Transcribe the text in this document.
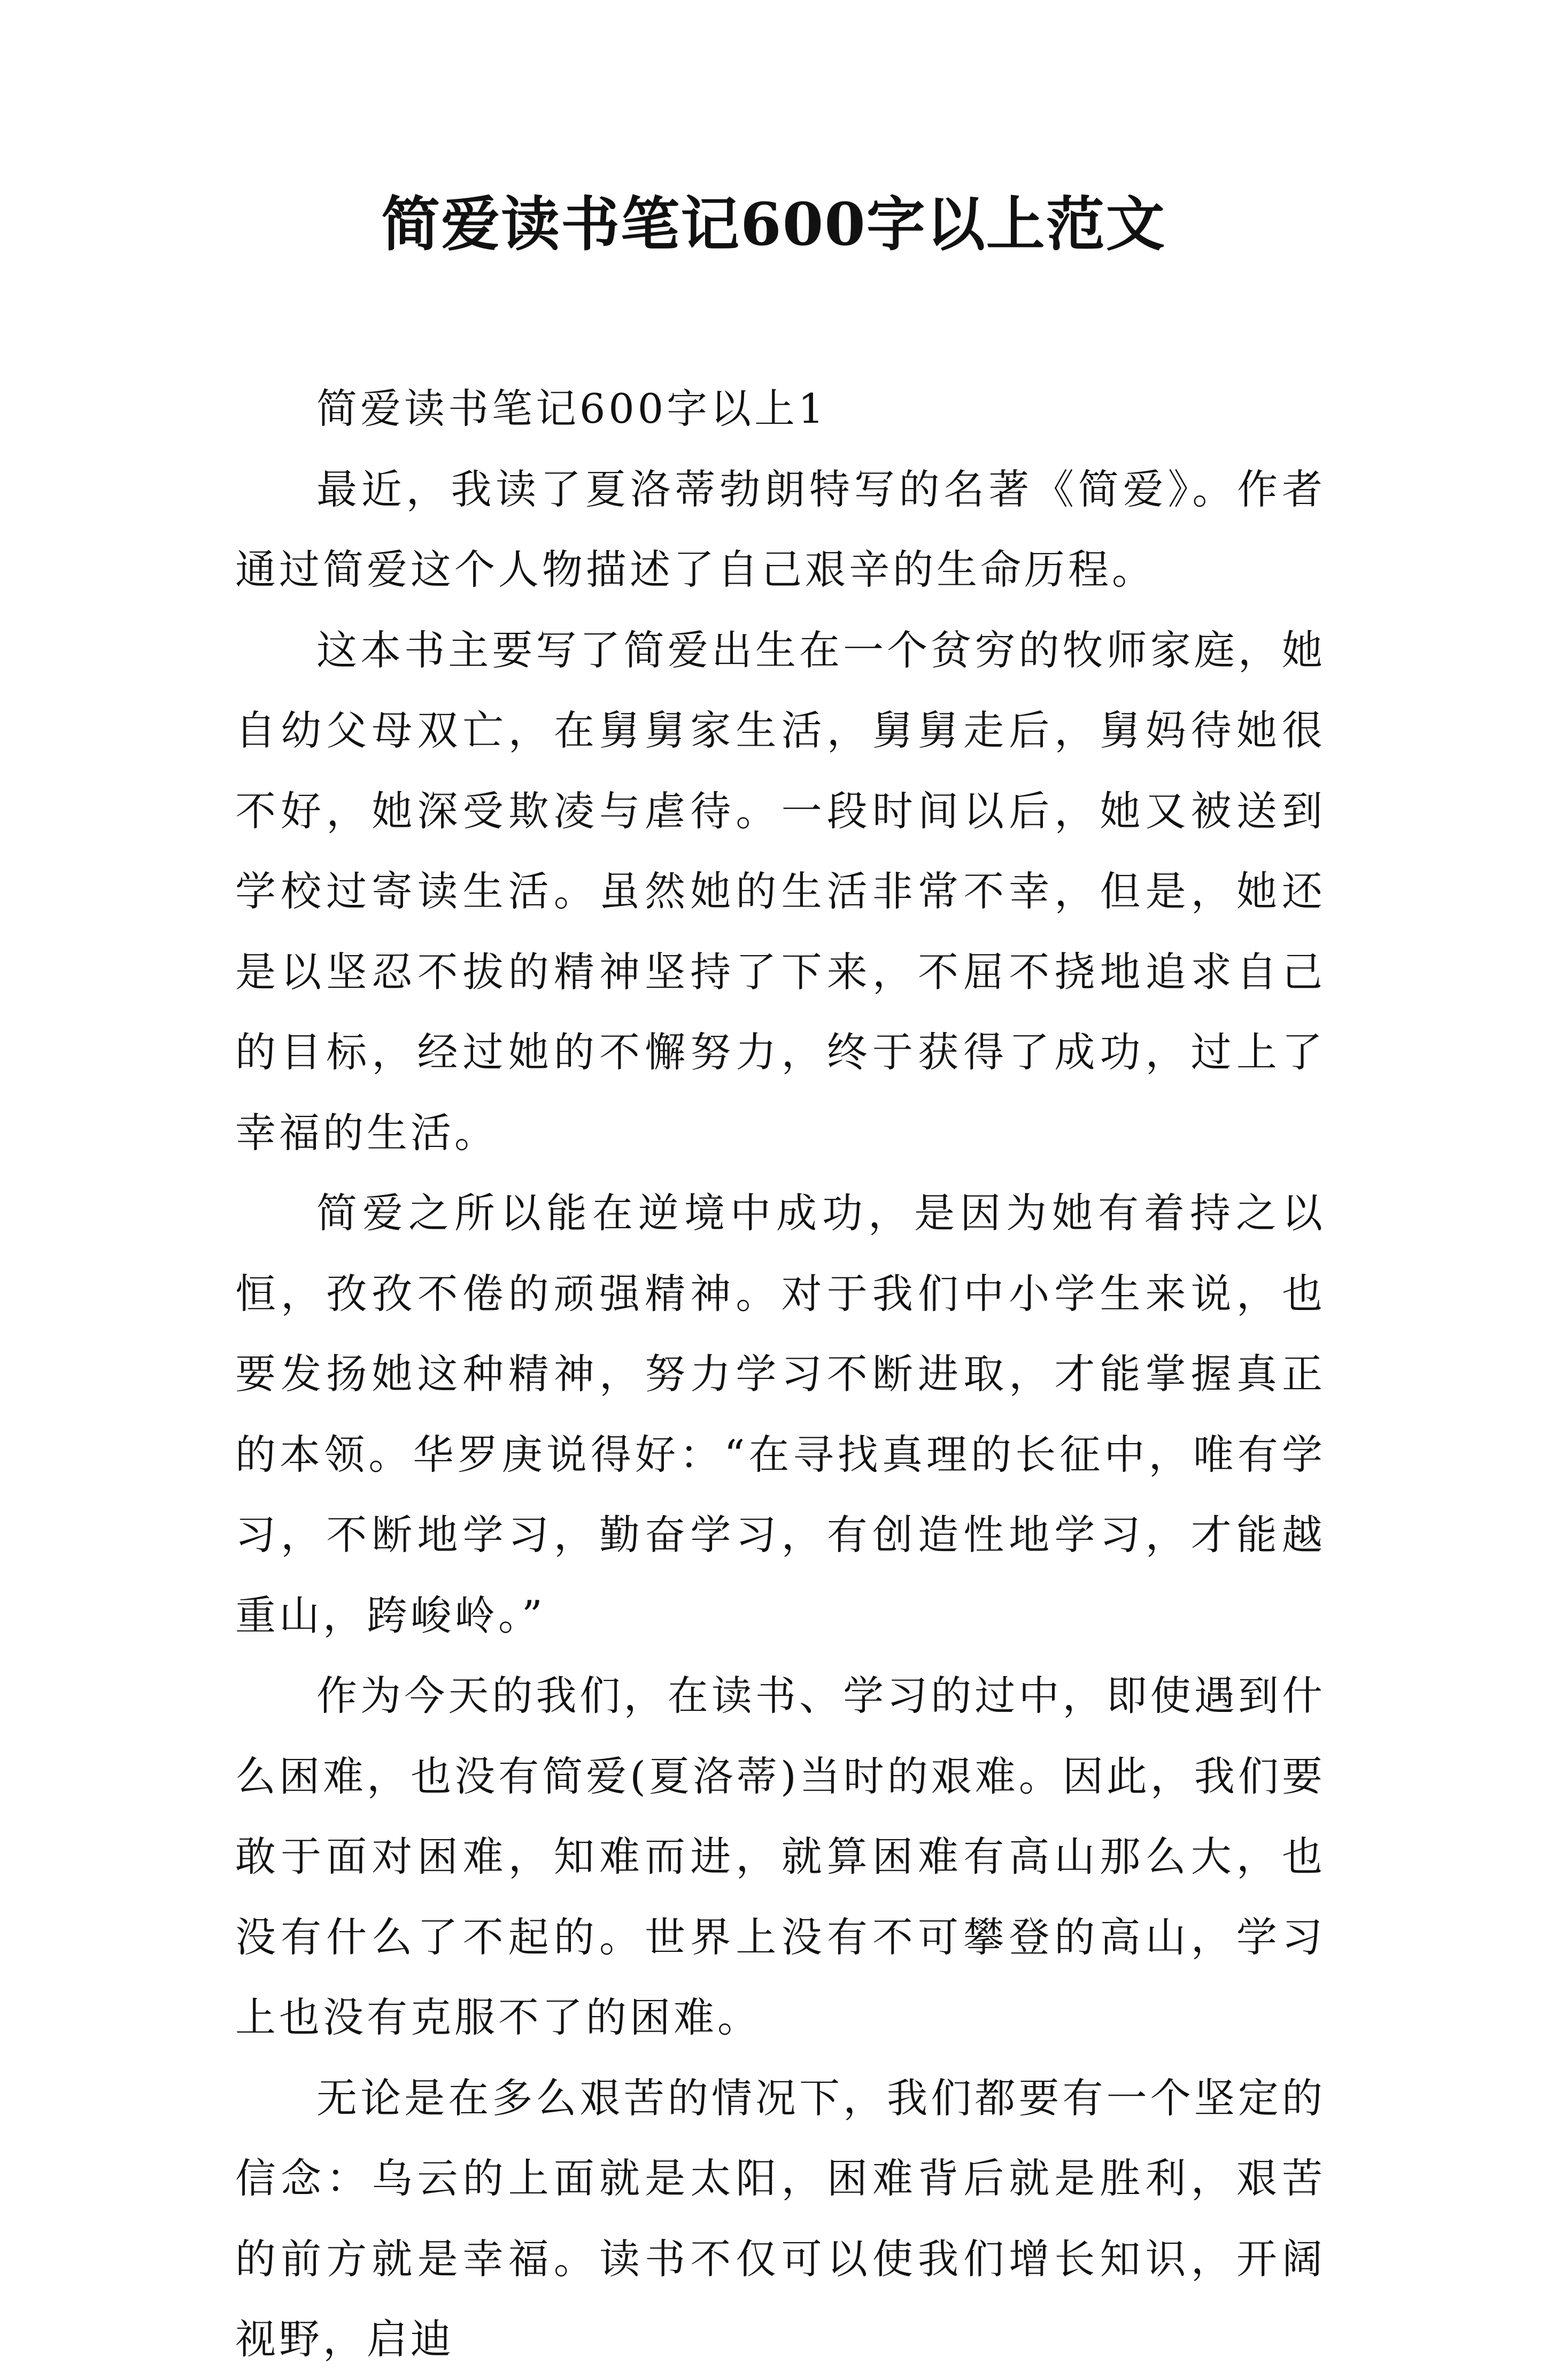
简爱读书笔记600字以上范文

简爱读书笔记600字以上1

最近，我读了夏洛蒂勃朗特写的名著《简爱》。作者通过简爱这个人物描述了自己艰辛的生命历程。

这本书主要写了简爱出生在一个贫穷的牧师家庭，她自幼父母双亡，在舅舅家生活，舅舅走后，舅妈待她很不好，她深受欺凌与虐待。一段时间以后，她又被送到学校过寄读生活。虽然她的生活非常不幸，但是，她还是以坚忍不拔的精神坚持了下来，不屈不挠地追求自己的目标，经过她的不懈努力，终于获得了成功，过上了幸福的生活。

简爱之所以能在逆境中成功，是因为她有着持之以恒，孜孜不倦的顽强精神。对于我们中小学生来说，也要发扬她这种精神，努力学习不断进取，才能掌握真正的本领。华罗庚说得好：“在寻找真理的长征中，唯有学习，不断地学习，勤奋学习，有创造性地学习，才能越重山，跨峻岭。”

作为今天的我们，在读书、学习的过中，即使遇到什么困难，也没有简爱(夏洛蒂)当时的艰难。因此，我们要敢于面对困难，知难而进，就算困难有高山那么大，也没有什么了不起的。世界上没有不可攀登的高山，学习上也没有克服不了的困难。

无论是在多么艰苦的情况下，我们都要有一个坚定的信念：乌云的上面就是太阳，困难背后就是胜利，艰苦的前方就是幸福。读书不仅可以使我们增长知识，开阔视野，启迪
